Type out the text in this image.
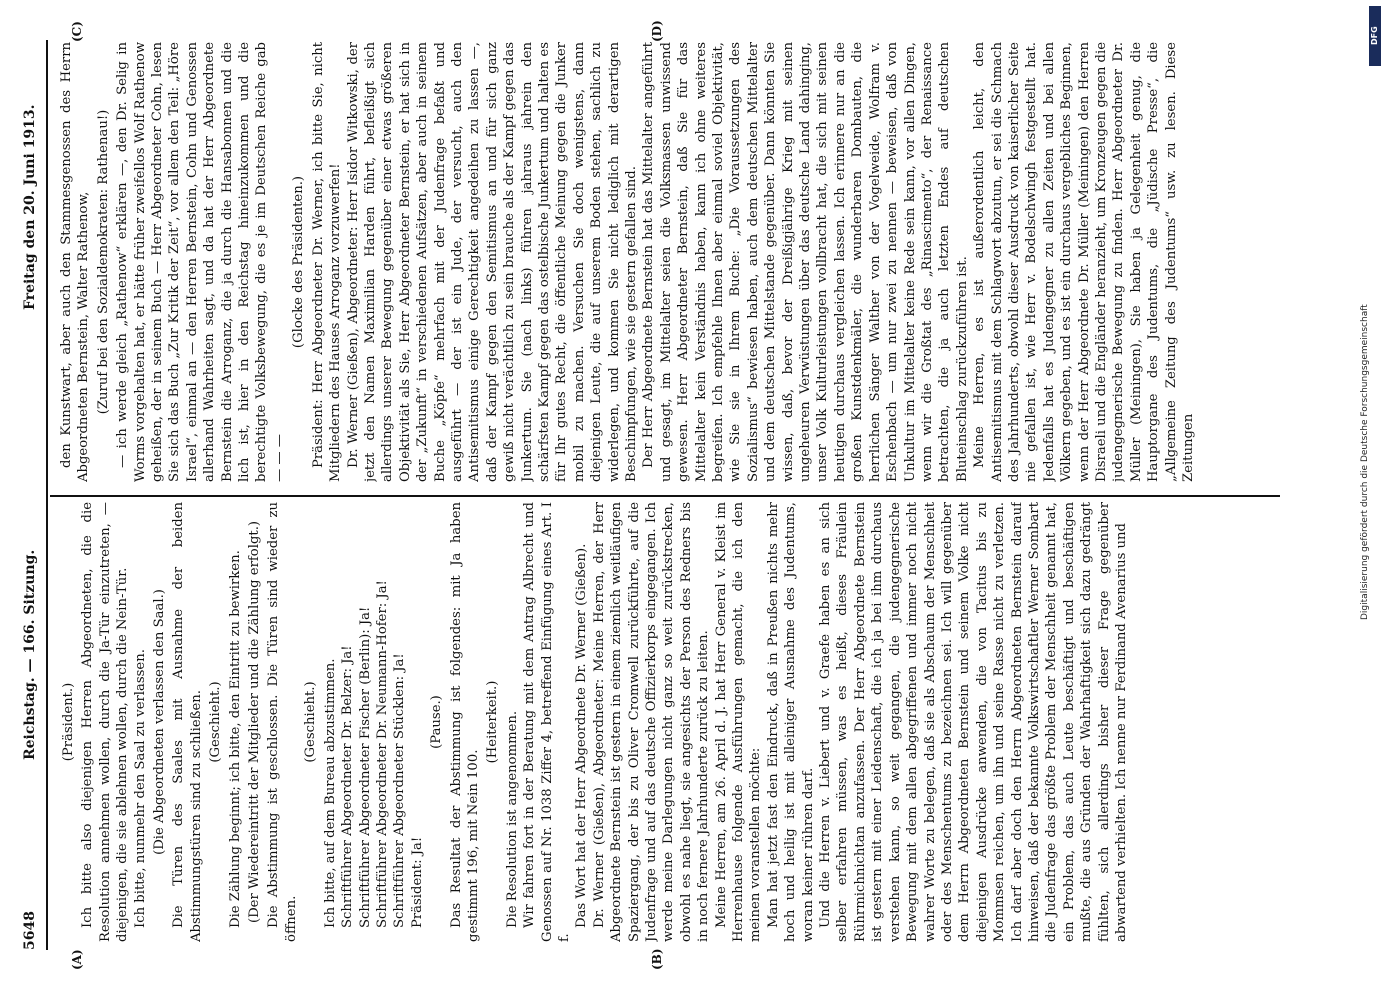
5648
Reichstag. — 166. Sitzung.
Freitag den 20. Juni 1913.
(A)	(B)
(C)	(D)

(Präsident.) Ich bitte also diejenigen Herren Abgeordneten, die die Resolution annehmen wollen, durch die Ja-Tür einzutreten, — diejenigen, die sie ablehnen wollen, durch die Nein-Tür. Ich bitte, nunmehr den Saal zu verlassen. (Die Abgeordneten verlassen den Saal.) Die Türen des Saales mit Ausnahme der beiden Abstimmungstüren sind zu schließen. (Geschieht.) Die Zählung beginnt; ich bitte, den Eintritt zu bewirken. (Der Wiedereintritt der Mitglieder und die Zählung erfolgt.) Die Abstimmung ist geschlossen. Die Türen sind wieder zu öffnen.

(Geschieht.) Ich bitte, auf dem Bureau abzustimmen. Schriftführer Abgeordneter Dr. Belzer: Ja! Schriftführer Abgeordneter Fischer (Berlin): Ja! Schriftführer Abgeordneter Dr. Neumann-Hofer: Ja! Schriftführer Abgeordneter Stücklen: Ja! Präsident: Ja!

(Pause.) Das Resultat der Abstimmung ist folgendes: mit Ja haben gestimmt 196, mit Nein 100.

(Heiterkeit.) Die Resolution ist angenommen. Wir fahren fort in der Beratung mit dem Antrag Albrecht und Genossen auf Nr. 1038 Ziffer 4, betreffend Einfügung eines Art. I f.

Das Wort hat der Herr Abgeordnete Dr. Werner (Gießen). Dr. Werner (Gießen), Abgeordneter: Meine Herren, der Herr Abgeordnete Bernstein ist gestern in einem ziemlich weitläufigen Spaziergang, der bis zu Oliver Cromwell zurückführte, auf die Judenfrage und auf das deutsche Offizierkorps eingegangen. Ich werde meine Darlegungen nicht ganz so weit zurückstrecken, obwohl es nahe liegt, sie angesichts der Person des Redners bis in noch fernere Jahrhunderte zurück zu leiten. Meine Herren, am 26. April d. J. hat Herr General v. Kleist im Herrenhause folgende Ausführungen gemacht, die ich den meinen voranstellen möchte: Man hat jetzt fast den Eindruck, daß in Preußen nichts mehr hoch und heilig ist mit alleiniger Ausnahme des Judentums, woran keiner rühren darf. Und die Herren v. Liebert und v. Graefe haben es an sich selber erfahren müssen, was es heißt, dieses Fräulein Rührmichnichtan anzufassen. Der Herr Abgeordnete Bernstein ist gestern mit einer Leidenschaft, die ich ja bei ihm durchaus verstehen kann, so weit gegangen, die judengegnerische Bewegung mit dem allen abgegriffenen und immer noch nicht wahrer Worte zu belegen, daß sie als Abschaum der Menschheit oder des Menschentums zu bezeichnen sei. Ich will gegenüber dem Herrn Abgeordneten Bernstein und seinem Volke nicht diejenigen Ausdrücke anwenden, die von Tacitus bis zu Mommsen reichen, um ihn und seine Rasse nicht zu verletzen. Ich darf aber doch den Herrn Abgeordneten Bernstein darauf hinweisen, daß der bekannte Volkswirtschaftler Werner Sombart die Judenfrage das größte Problem der Menschheit genannt hat, ein Problem, das auch Leute beschäftigt und beschäftigen mußte, die aus Gründen der Wahrhaftigkeit sich dazu gedrängt fühlten, sich allerdings bisher dieser Frage gegenüber abwartend verhielten. Ich nenne nur Ferdinand Avenarius und

den Kunstwart, aber auch den Stammesgenossen des Herrn Abgeordneten Bernstein, Walter Rathenow, (Zuruf bei den Sozialdemokraten: Rathenau!) — ich werde gleich „Rathenow“ erklären —, den Dr. Selig in Worms vorgehalten hat, er hätte früher zweifellos Wolf Rathenow geheißen, der in seinem Buch — Herr Abgeordneter Cohn, lesen Sie sich das Buch „Zur Kritik der Zeit“, vor allem den Teil: „Höre Israel“, einmal an — den Herren Bernstein, Cohn und Genossen allerhand Wahrheiten sagt, und da hat der Herr Abgeordnete Bernstein die Arroganz, die ja durch die Hansabonnen und die lich ist, hier in den Reichstag hineinzukommen und die berechtigte Volksbewegung, die es je im Deutschen Reiche gab — — —

(Glocke des Präsidenten.) Präsident: Herr Abgeordneter Dr. Werner, ich bitte Sie, nicht Mitgliedern des Hauses Arroganz vorzuwerfen! Dr. Werner (Gießen), Abgeordneter: Herr Isidor Witkowski, der jetzt den Namen Maximilian Harden führt, befleißigt sich allerdings unserer Bewegung gegenüber einer etwas größeren Objektivität als Sie, Herr Abgeordneter Bernstein, er hat sich in der „Zukunft“ in verschiedenen Aufsätzen, aber auch in seinem Buche „Köpfe“ mehrfach mit der Judenfrage befaßt und ausgeführt — der ist ein Jude, der versucht, auch den Antisemitismus einige Gerechtigkeit angedeihen zu lassen —, daß der Kampf gegen den Semitismus an und für sich ganz gewiß nicht verächtlich zu sein brauche als der Kampf gegen das Junkertum. Sie (nach links) führen jahraus jahrein den schärfsten Kampf gegen das ostelbische Junkertum und halten es für Ihr gutes Recht, die öffentliche Meinung gegen die Junker mobil zu machen. Versuchen Sie doch wenigstens, dann diejenigen Leute, die auf unserem Boden stehen, sachlich zu widerlegen, und kommen Sie nicht lediglich mit derartigen Beschimpfungen, wie sie gestern gefallen sind. Der Herr Abgeordnete Bernstein hat das Mittelalter angeführt und gesagt, im Mittelalter seien die Volksmassen unwissend gewesen. Herr Abgeordneter Bernstein, daß Sie für das Mittelalter kein Verständnis haben, kann ich ohne weiteres begreifen. Ich empfehle Ihnen aber einmal soviel Objektivität, wie Sie sie in Ihrem Buche: „Die Voraussetzungen des Sozialismus“ bewiesen haben, auch dem deutschen Mittelalter und dem deutschen Mittelstande gegenüber. Dann könnten Sie wissen, daß, bevor der Dreißigjährige Krieg mit seinen ungeheuren Verwüstungen über das deutsche Land dahinging, unser Volk Kulturleistungen vollbracht hat, die sich mit seinen heutigen durchaus vergleichen lassen. Ich erinnere nur an die großen Kunstdenkmäler, die wunderbaren Dombauten, die herrlichen Sänger Walther von der Vogelweide, Wolfram v. Eschenbach — um nur zwei zu nennen — beweisen, daß von Unkultur im Mittelalter keine Rede sein kann, vor allen Dingen, wenn wir die Großtat des „Rinascimento“, der Renaissance betrachten, die ja auch letzten Endes auf deutschen Bluteinschlag zurückzuführen ist. Meine Herren, es ist außerordentlich leicht, den Antisemitismus mit dem Schlagwort abzutun, er sei die Schmach des Jahrhunderts, obwohl dieser Ausdruck von kaiserlicher Seite nie gefallen ist, wie Herr v. Bodelschwingh festgestellt hat. Jedenfalls hat es Judengegner zu allen Zeiten und bei allen Völkern gegeben, und es ist ein durchaus vergebliches Beginnen, wenn der Herr Abgeordnete Dr. Müller (Meiningen) den Herren Disraeli und die Engländer heranzieht, um Kronzeugen gegen die judengegnerische Bewegung zu finden. Herr Abgeordneter Dr. Müller (Meiningen), Sie haben ja Gelegenheit genug, die Hauptorgane des Judentums, die „Jüdische Presse“, die „Allgemeine Zeitung des Judentums“ usw. zu lesen. Diese Zeitungen

DFG
Digitalisierung gefördert durch die Deutsche Forschungsgemeinschaft
